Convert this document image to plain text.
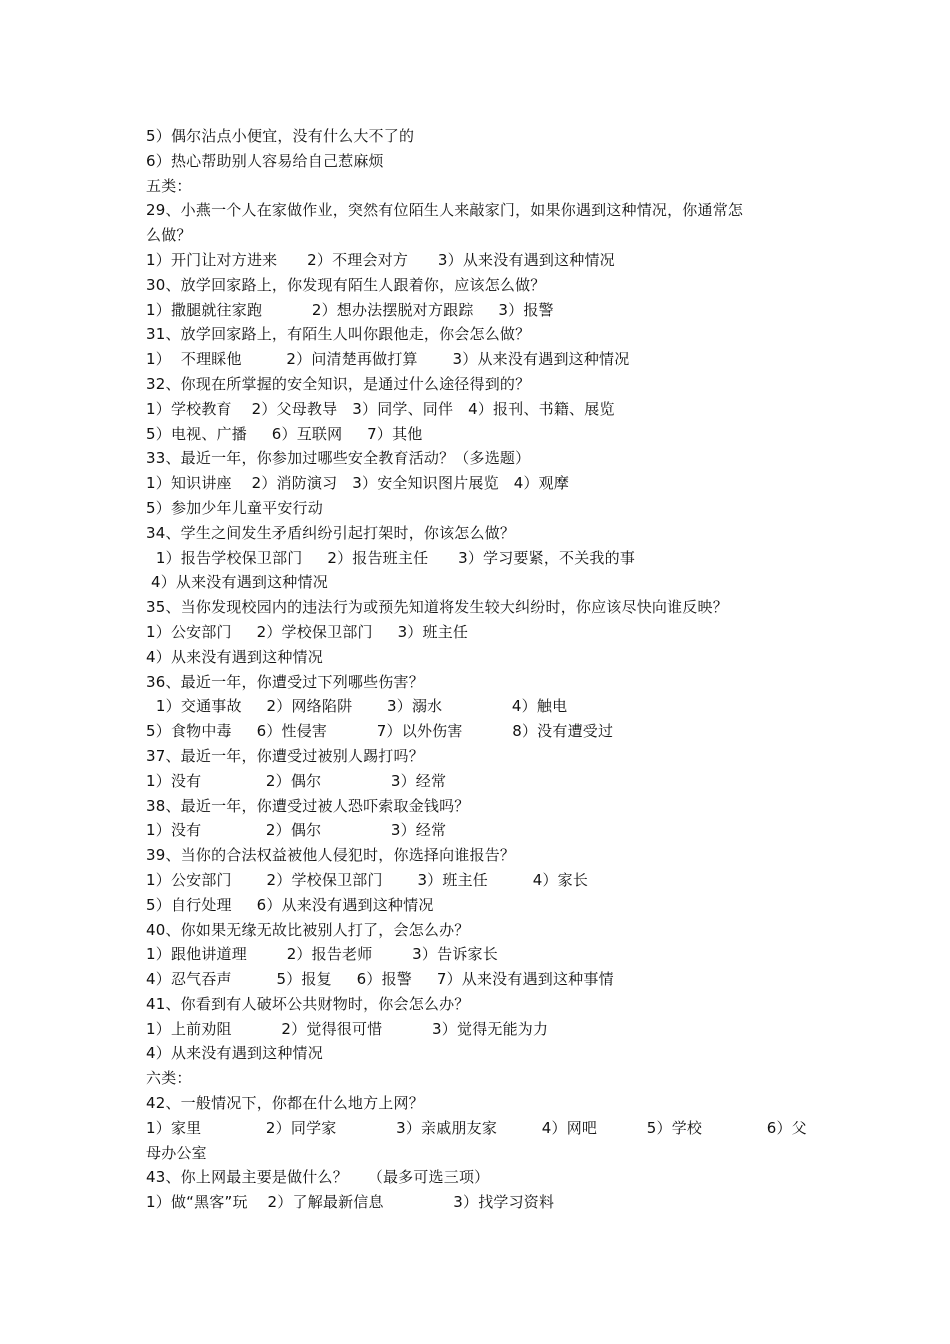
5）偶尔沾点小便宜，没有什么大不了的
6）热心帮助别人容易给自己惹麻烦
五类：
29、小燕一个人在家做作业，突然有位陌生人来敲家门，如果你遇到这种情况，你通常怎
么做？
1）开门让对方进来      2）不理会对方      3）从来没有遇到这种情况
30、放学回家路上，你发现有陌生人跟着你，应该怎么做？
1）撒腿就往家跑          2）想办法摆脱对方跟踪     3）报警
31、放学回家路上，有陌生人叫你跟他走，你会怎么做？
1）  不理睬他         2）问清楚再做打算       3）从来没有遇到这种情况
32、你现在所掌握的安全知识，是通过什么途径得到的？
1）学校教育    2）父母教导   3）同学、同伴   4）报刊、书籍、展览
5）电视、广播     6）互联网     7）其他
33、最近一年，你参加过哪些安全教育活动？（多选题）
1）知识讲座    2）消防演习   3）安全知识图片展览   4）观摩
5）参加少年儿童平安行动
34、学生之间发生矛盾纠纷引起打架时，你该怎么做？
1）报告学校保卫部门     2）报告班主任      3）学习要紧，不关我的事
4）从来没有遇到这种情况
35、当你发现校园内的违法行为或预先知道将发生较大纠纷时，你应该尽快向谁反映？
1）公安部门     2）学校保卫部门     3）班主任
4）从来没有遇到这种情况
36、最近一年，你遭受过下列哪些伤害？
1）交通事故     2）网络陷阱       3）溺水              4）触电
5）食物中毒     6）性侵害          7）以外伤害          8）没有遭受过
37、最近一年，你遭受过被别人踢打吗？
1）没有             2）偶尔              3）经常
38、最近一年，你遭受过被人恐吓索取金钱吗？
1）没有             2）偶尔              3）经常
39、当你的合法权益被他人侵犯时，你选择向谁报告？
1）公安部门       2）学校保卫部门       3）班主任         4）家长
5）自行处理     6）从来没有遇到这种情况
40、你如果无缘无故比被别人打了，会怎么办？
1）跟他讲道理        2）报告老师        3）告诉家长
4）忍气吞声         5）报复     6）报警     7）从来没有遇到这种事情
41、你看到有人破坏公共财物时，你会怎么办？
1）上前劝阻          2）觉得很可惜          3）觉得无能为力
4）从来没有遇到这种情况
六类：
42、一般情况下，你都在什么地方上网？
1）家里             2）同学家            3）亲戚朋友家         4）网吧          5）学校             6）父
母办公室
43、你上网最主要是做什么？    （最多可选三项）
1）做“黑客”玩    2）了解最新信息              3）找学习资料
